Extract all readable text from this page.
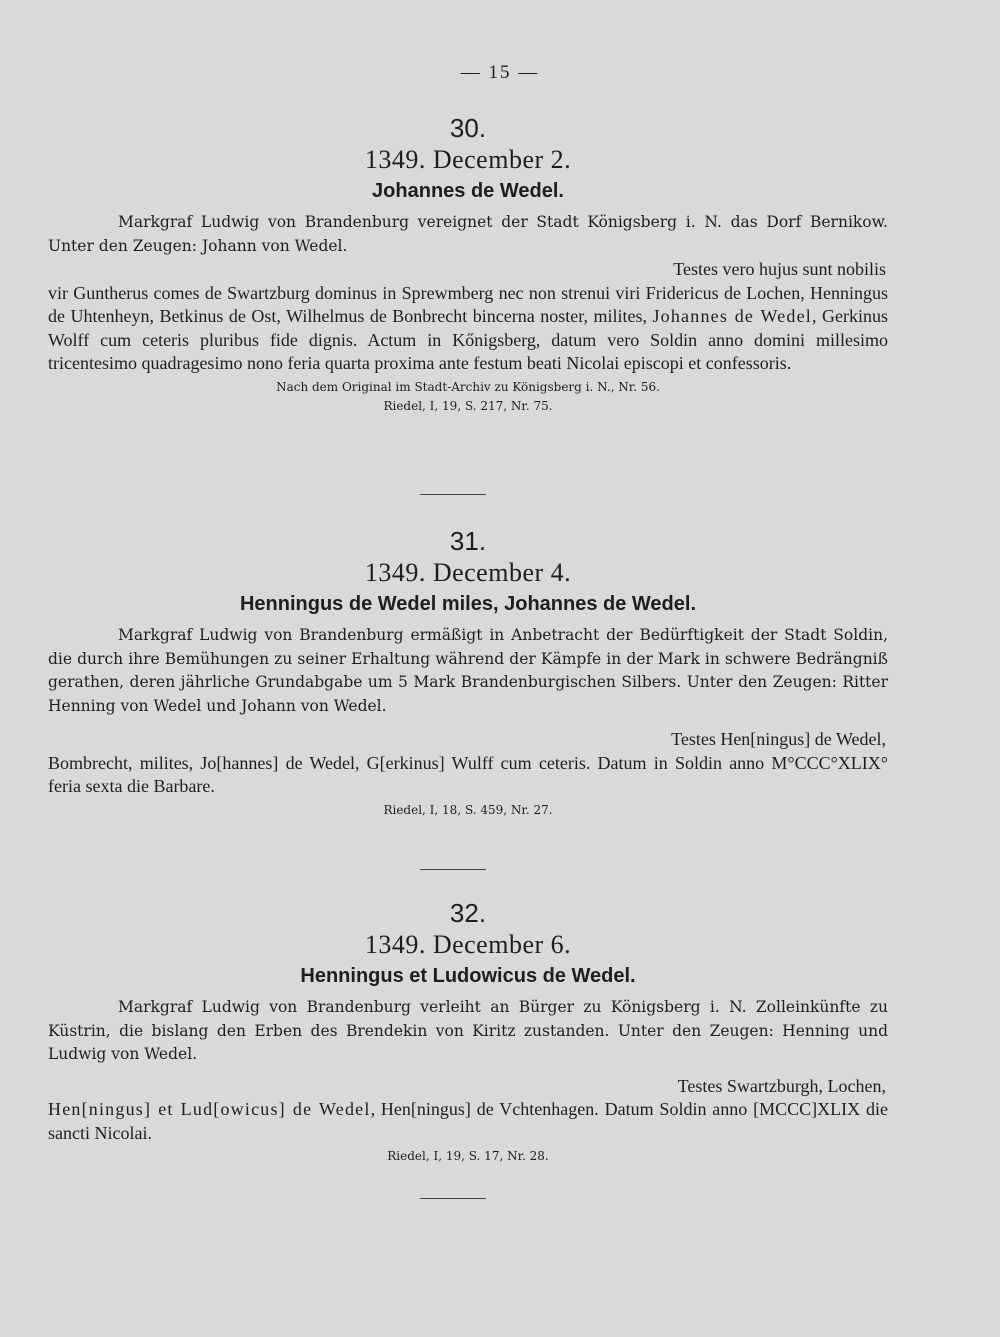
— 15 —
30.
1349. December 2.
Johannes de Wedel.
Markgraf Ludwig von Brandenburg vereignet der Stadt Königsberg i. N. das Dorf Bernikow. Unter den Zeugen: Johann von Wedel.
Testes vero hujus sunt nobilis
vir Guntherus comes de Swartzburg dominus in Sprewmberg nec non strenui viri Fridericus de Lochen, Henningus de Uhtenheyn, Betkinus de Ost, Wilhelmus de Bonbrecht bincerna noster, milites, Johannes de Wedel, Gerkinus Wolff cum ceteris pluribus fide dignis. Actum in Kőnigsberg, datum vero Soldin anno domini millesimo tricentesimo quadragesimo nono feria quarta proxima ante festum beati Nicolai episcopi et confessoris.
Nach dem Original im Stadt-Archiv zu Königsberg i. N., Nr. 56.
Riedel, I, 19, S. 217, Nr. 75.
31.
1349. December 4.
Henningus de Wedel miles, Johannes de Wedel.
Markgraf Ludwig von Brandenburg ermäßigt in Anbetracht der Bedürftigkeit der Stadt Soldin, die durch ihre Bemühungen zu seiner Erhaltung während der Kämpfe in der Mark in schwere Bedrängniß gerathen, deren jährliche Grundabgabe um 5 Mark Brandenburgischen Silbers. Unter den Zeugen: Ritter Henning von Wedel und Johann von Wedel.
Testes Hen[ningus] de Wedel,
Bombrecht, milites, Jo[hannes] de Wedel, G[erkinus] Wulff cum ceteris. Datum in Soldin anno M°CCC°XLIX° feria sexta die Barbare.
Riedel, I, 18, S. 459, Nr. 27.
32.
1349. December 6.
Henningus et Ludowicus de Wedel.
Markgraf Ludwig von Brandenburg verleiht an Bürger zu Königsberg i. N. Zolleinkünfte zu Küstrin, die bislang den Erben des Brendekin von Kiritz zustanden. Unter den Zeugen: Henning und Ludwig von Wedel.
Testes Swartzburgh, Lochen,
Hen[ningus] et Lud[owicus] de Wedel, Hen[ningus] de Vchtenhagen. Datum Soldin anno [MCCC]XLIX die sancti Nicolai.
Riedel, I, 19, S. 17, Nr. 28.
